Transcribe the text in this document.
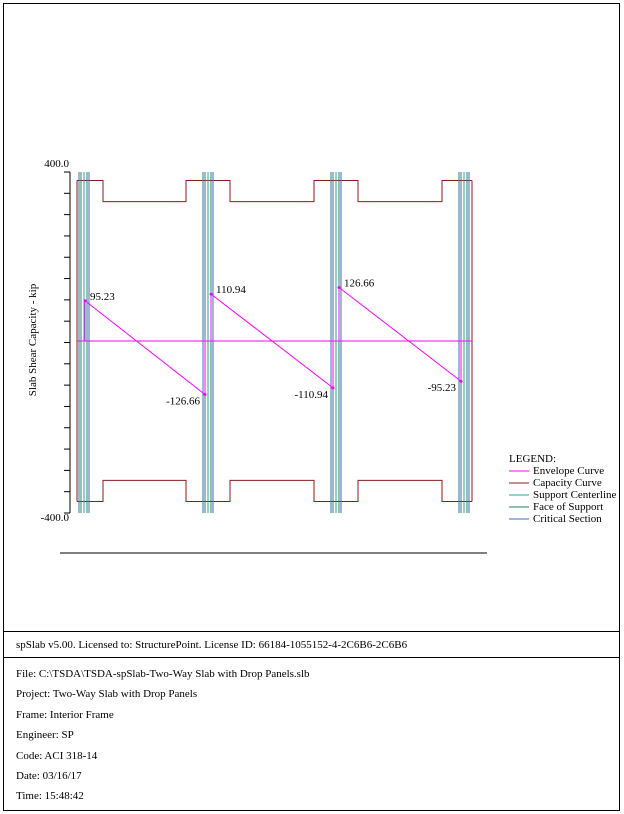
95.23
-126.66
110.94
-110.94
126.66
-95.23
Slab Shear Capacity - kip
400.0
-400.0
LEGEND:
Envelope Curve
Capacity Curve
Support Centerline
Face of Support
Critical Section
spSlab v5.00. Licensed to: StructurePoint. License ID: 66184-1055152-4-2C6B6-2C6B6
File: C:\TSDA\TSDA-spSlab-Two-Way Slab with Drop Panels.slb
Project: Two-Way Slab with Drop Panels
Frame: Interior Frame
Engineer: SP
Code: ACI 318-14
Date: 03/16/17
Time: 15:48:42
